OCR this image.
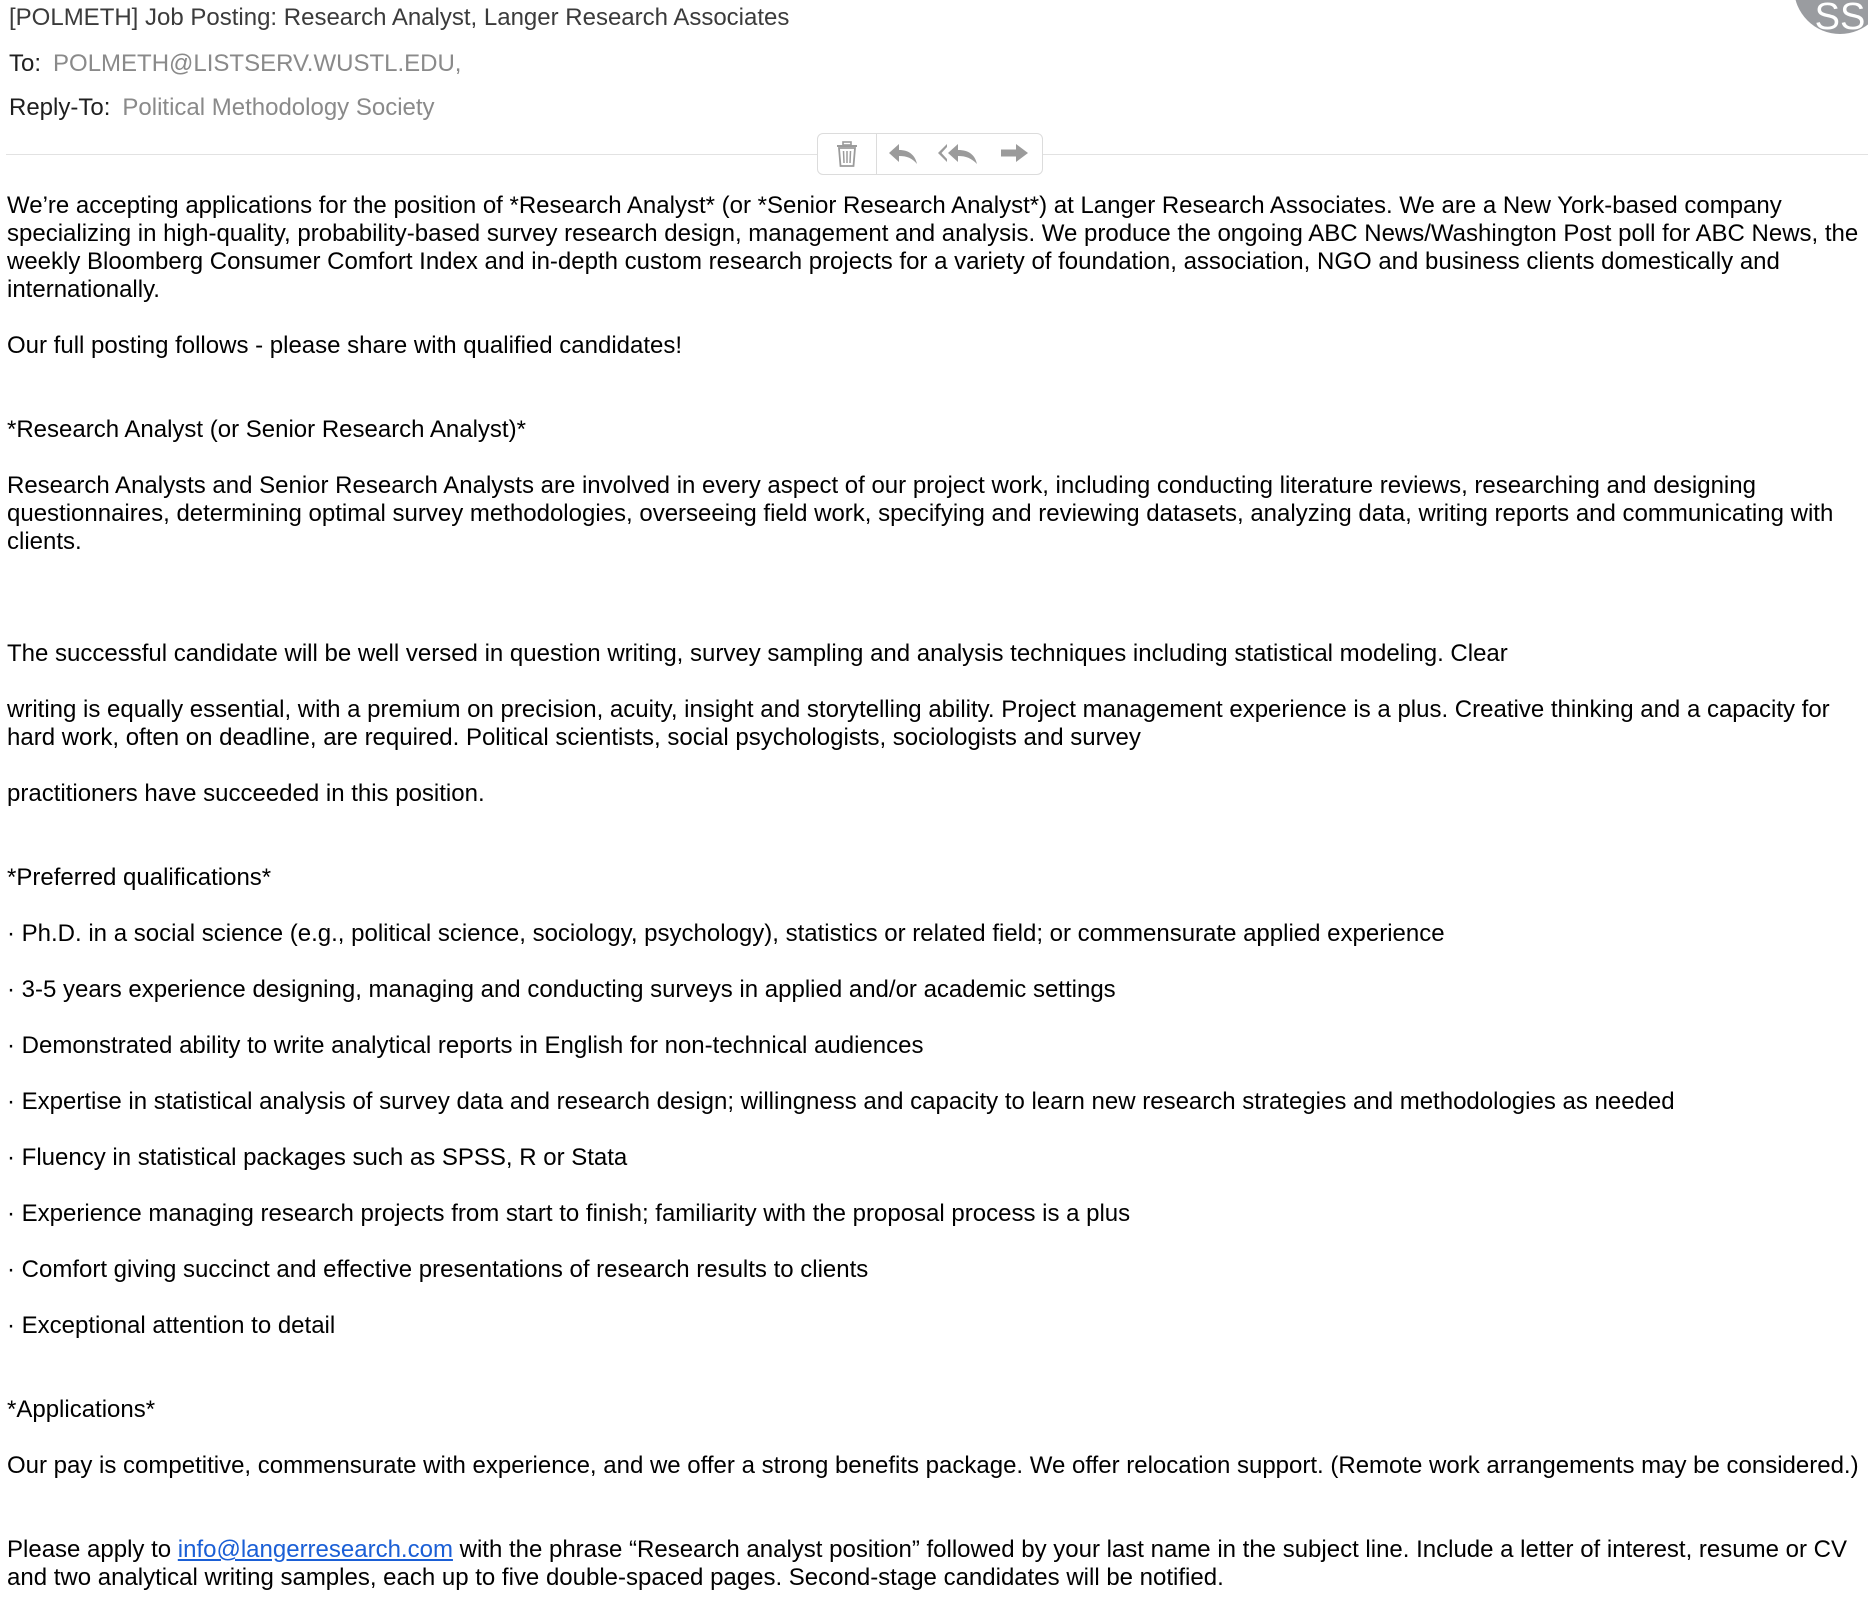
[POLMETH] Job Posting: Research Analyst, Langer Research Associates
To: POLMETH@LISTSERV.WUSTL.EDU,
Reply-To: Political Methodology Society
SS

We’re accepting applications for the position of *Research Analyst* (or *Senior Research Analyst*) at Langer Research Associates. We are a New York-based company specializing in high-quality, probability-based survey research design, management and analysis. We produce the ongoing ABC News/Washington Post poll for ABC News, the weekly Bloomberg Consumer Comfort Index and in-depth custom research projects for a variety of foundation, association, NGO and business clients domestically and internationally.

Our full posting follows - please share with qualified candidates!

*Research Analyst (or Senior Research Analyst)*

Research Analysts and Senior Research Analysts are involved in every aspect of our project work, including conducting literature reviews, researching and designing questionnaires, determining optimal survey methodologies, overseeing field work, specifying and reviewing datasets, analyzing data, writing reports and communicating with clients.

The successful candidate will be well versed in question writing, survey sampling and analysis techniques including statistical modeling. Clear

writing is equally essential, with a premium on precision, acuity, insight and storytelling ability. Project management experience is a plus. Creative thinking and a capacity for hard work, often on deadline, are required. Political scientists, social psychologists, sociologists and survey

practitioners have succeeded in this position.

*Preferred qualifications*

· Ph.D. in a social science (e.g., political science, sociology, psychology), statistics or related field; or commensurate applied experience

· 3-5 years experience designing, managing and conducting surveys in applied and/or academic settings

· Demonstrated ability to write analytical reports in English for non-technical audiences

· Expertise in statistical analysis of survey data and research design; willingness and capacity to learn new research strategies and methodologies as needed

· Fluency in statistical packages such as SPSS, R or Stata

· Experience managing research projects from start to finish; familiarity with the proposal process is a plus

· Comfort giving succinct and effective presentations of research results to clients

· Exceptional attention to detail

*Applications*

Our pay is competitive, commensurate with experience, and we offer a strong benefits package. We offer relocation support. (Remote work arrangements may be considered.)

Please apply to info@langerresearch.com with the phrase “Research analyst position” followed by your last name in the subject line. Include a letter of interest, resume or CV and two analytical writing samples, each up to five double-spaced pages. Second-stage candidates will be notified.
